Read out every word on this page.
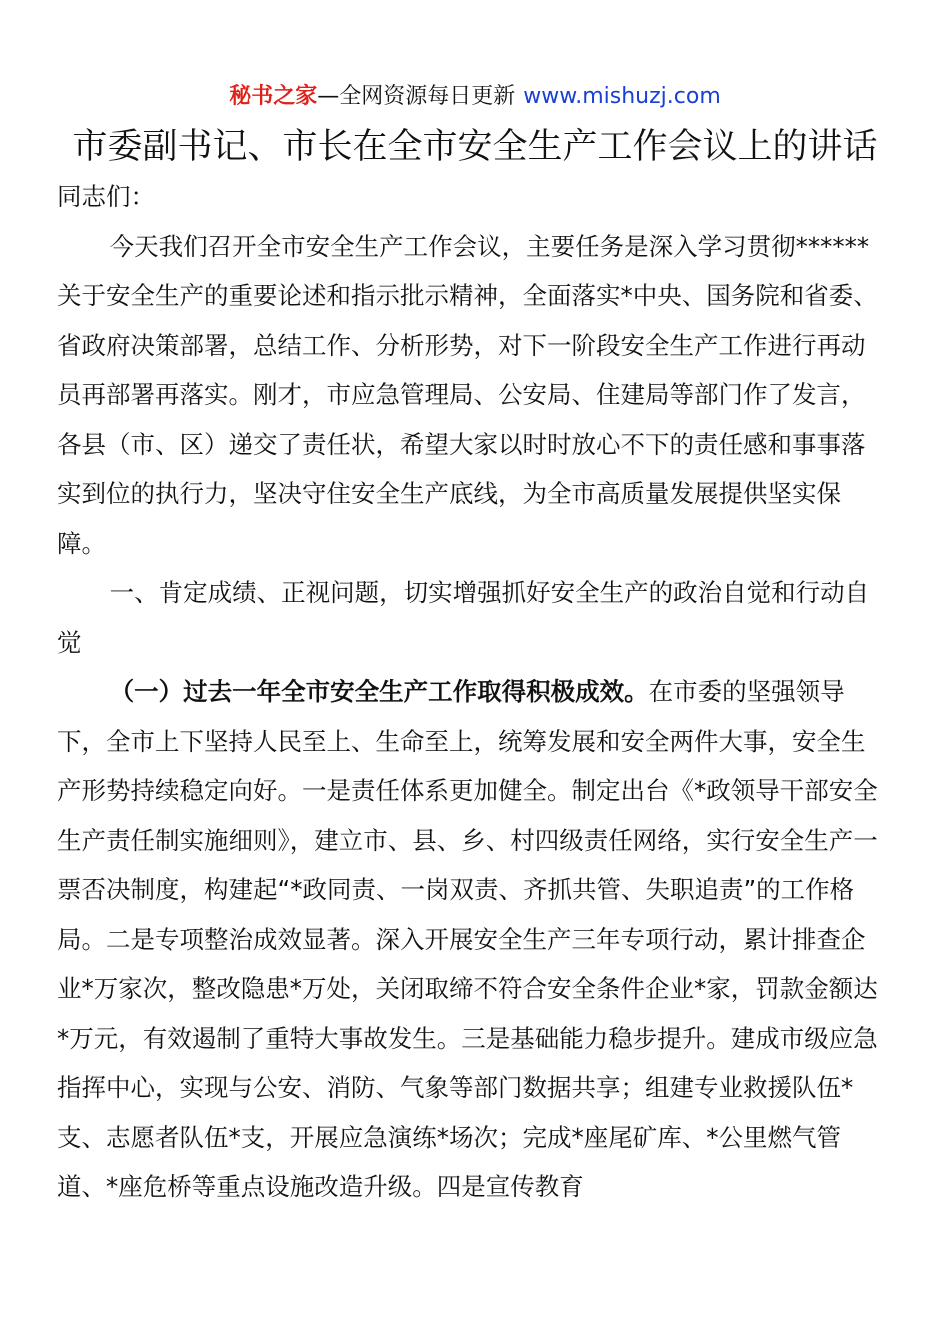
秘书之家—全网资源每日更新 www.mishuzj.com
市委副书记、市长在全市安全生产工作会议上的讲话

同志们：

今天我们召开全市安全生产工作会议，主要任务是深入学习贯彻******关于安全生产的重要论述和指示批示精神，全面落实*中央、国务院和省委、省政府决策部署，总结工作、分析形势，对下一阶段安全生产工作进行再动员再部署再落实。刚才，市应急管理局、公安局、住建局等部门作了发言，各县（市、区）递交了责任状，希望大家以时时放心不下的责任感和事事落实到位的执行力，坚决守住安全生产底线，为全市高质量发展提供坚实保障。

一、肯定成绩、正视问题，切实增强抓好安全生产的政治自觉和行动自觉

（一）过去一年全市安全生产工作取得积极成效。在市委的坚强领导下，全市上下坚持人民至上、生命至上，统筹发展和安全两件大事，安全生产形势持续稳定向好。一是责任体系更加健全。制定出台《*政领导干部安全生产责任制实施细则》，建立市、县、乡、村四级责任网络，实行安全生产一票否决制度，构建起“*政同责、一岗双责、齐抓共管、失职追责”的工作格局。二是专项整治成效显著。深入开展安全生产三年专项行动，累计排查企业*万家次，整改隐患*万处，关闭取缔不符合安全条件企业*家，罚款金额达*万元，有效遏制了重特大事故发生。三是基础能力稳步提升。建成市级应急指挥中心，实现与公安、消防、气象等部门数据共享；组建专业救援队伍*支、志愿者队伍*支，开展应急演练*场次；完成*座尾矿库、*公里燃气管道、*座危桥等重点设施改造升级。四是宣传教育
